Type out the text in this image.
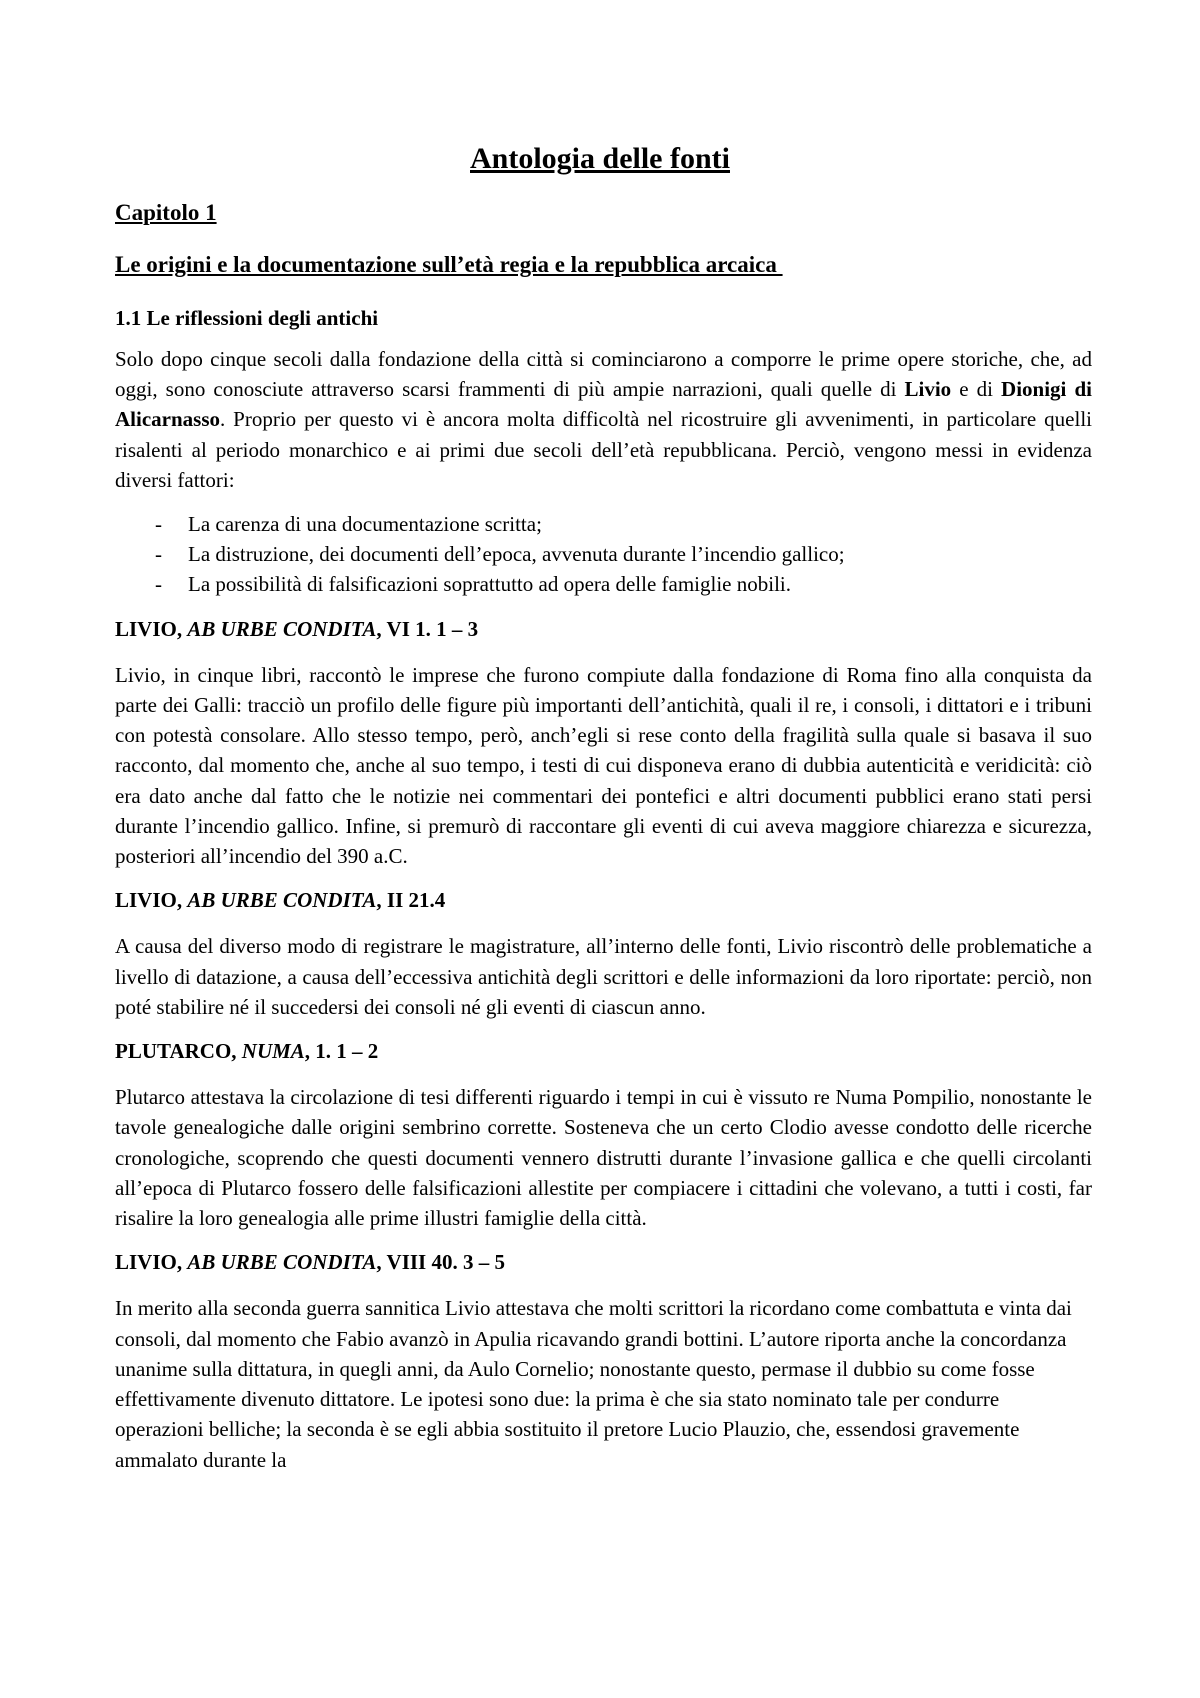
Antologia delle fonti
Capitolo 1
Le origini e la documentazione sull’età regia e la repubblica arcaica
1.1 Le riflessioni degli antichi

Solo dopo cinque secoli dalla fondazione della città si cominciarono a comporre le prime opere storiche, che, ad oggi, sono conosciute attraverso scarsi frammenti di più ampie narrazioni, quali quelle di Livio e di Dionigi di Alicarnasso. Proprio per questo vi è ancora molta difficoltà nel ricostruire gli avvenimenti, in particolare quelli risalenti al periodo monarchico e ai primi due secoli dell’età repubblicana. Perciò, vengono messi in evidenza diversi fattori:

- La carenza di una documentazione scritta;
- La distruzione, dei documenti dell’epoca, avvenuta durante l’incendio gallico;
- La possibilità di falsificazioni soprattutto ad opera delle famiglie nobili.
LIVIO, AB URBE CONDITA, VI 1. 1 – 3

Livio, in cinque libri, raccontò le imprese che furono compiute dalla fondazione di Roma fino alla conquista da parte dei Galli: tracciò un profilo delle figure più importanti dell’antichità, quali il re, i consoli, i dittatori e i tribuni con potestà consolare. Allo stesso tempo, però, anch’egli si rese conto della fragilità sulla quale si basava il suo racconto, dal momento che, anche al suo tempo, i testi di cui disponeva erano di dubbia autenticità e veridicità: ciò era dato anche dal fatto che le notizie nei commentari dei pontefici e altri documenti pubblici erano stati persi durante l’incendio gallico. Infine, si premurò di raccontare gli eventi di cui aveva maggiore chiarezza e sicurezza, posteriori all’incendio del 390 a.C.

LIVIO, AB URBE CONDITA, II 21.4

A causa del diverso modo di registrare le magistrature, all’interno delle fonti, Livio riscontrò delle problematiche a livello di datazione, a causa dell’eccessiva antichità degli scrittori e delle informazioni da loro riportate: perciò, non poté stabilire né il succedersi dei consoli né gli eventi di ciascun anno.

PLUTARCO, NUMA, 1. 1 – 2

Plutarco attestava la circolazione di tesi differenti riguardo i tempi in cui è vissuto re Numa Pompilio, nonostante le tavole genealogiche dalle origini sembrino corrette. Sosteneva che un certo Clodio avesse condotto delle ricerche cronologiche, scoprendo che questi documenti vennero distrutti durante l’invasione gallica e che quelli circolanti all’epoca di Plutarco fossero delle falsificazioni allestite per compiacere i cittadini che volevano, a tutti i costi, far risalire la loro genealogia alle prime illustri famiglie della città.

LIVIO, AB URBE CONDITA, VIII 40. 3 – 5

In merito alla seconda guerra sannitica Livio attestava che molti scrittori la ricordano come combattuta e vinta dai consoli, dal momento che Fabio avanzò in Apulia ricavando grandi bottini. L’autore riporta anche la concordanza unanime sulla dittatura, in quegli anni, da Aulo Cornelio; nonostante questo, permase il dubbio su come fosse effettivamente divenuto dittatore. Le ipotesi sono due: la prima è che sia stato nominato tale per condurre operazioni belliche; la seconda è se egli abbia sostituito il pretore Lucio Plauzio, che, essendosi gravemente ammalato durante la
